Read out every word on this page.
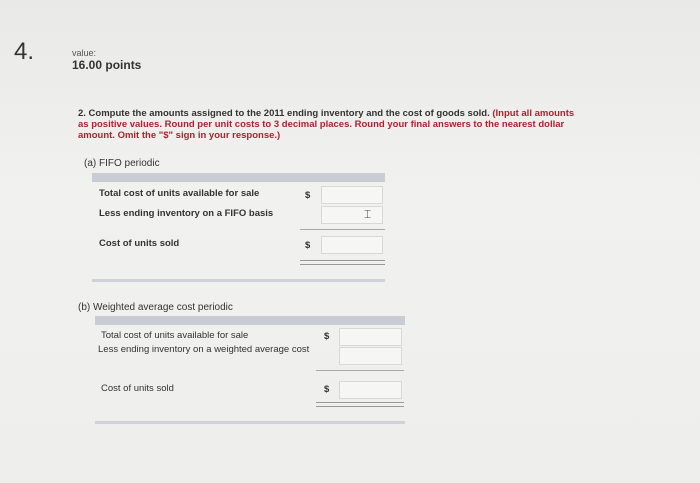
4.	value:
16.00 points
2. Compute the amounts assigned to the 2011 ending inventory and the cost of goods sold. (Input all amounts as positive values. Round per unit costs to 3 decimal places. Round your final answers to the nearest dollar amount. Omit the "$" sign in your response.)
(a) FIFO periodic
Total cost of units available for sale	$
Less ending inventory on a FIFO basis	⌶
Cost of units sold	$
(b) Weighted average cost periodic
Total cost of units available for sale	$
Less ending inventory on a weighted average cost
Cost of units sold	$
